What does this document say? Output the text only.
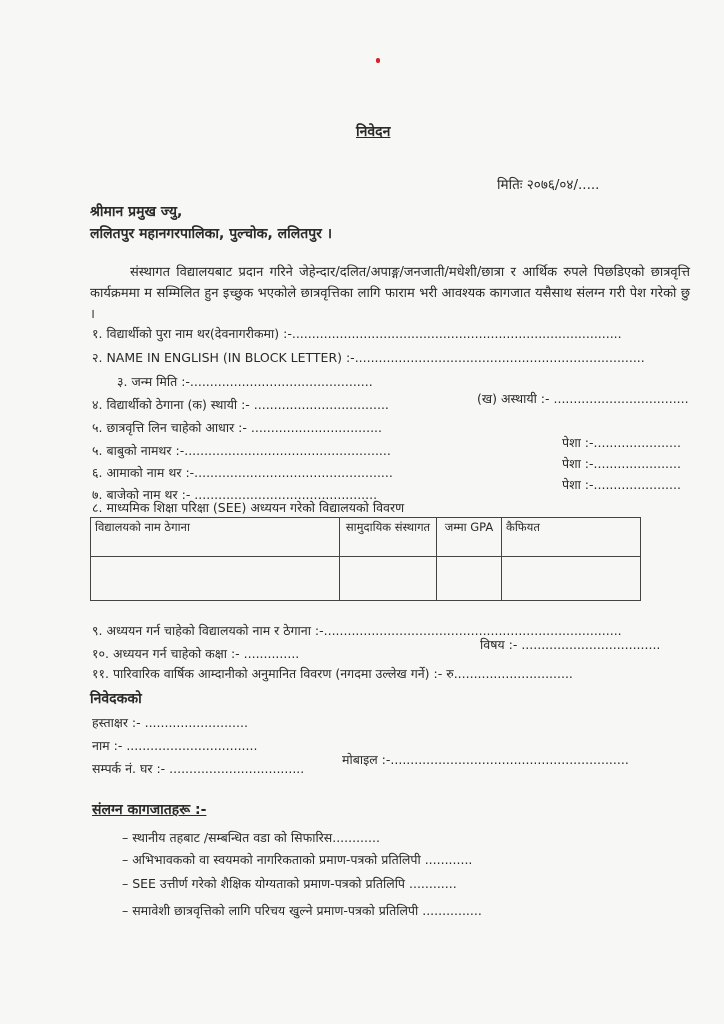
निवेदन
मितिः २०७६/०४/.....
श्रीमान प्रमुख ज्यु,
ललितपुर महानगरपालिका, पुल्चोक, ललितपुर ।
संस्थागत विद्यालयबाट प्रदान गरिने जेहेन्दार/दलित/अपाङ्ग/जनजाती/मधेशी/छात्रा र आर्थिक रुपले पिछडिएको छात्रवृत्ति कार्यक्रममा म सम्मिलित हुन इच्छुक भएकोले छात्रवृत्तिका लागि फाराम भरी आवश्यक कागजात यसैसाथ संलग्न गरी पेश गरेको छु ।
१. विद्यार्थीको पुरा नाम थर(देवनागरीकमा) :-...................................................................................
२. NAME IN ENGLISH (IN BLOCK LETTER) :-.........................................................................
३. जन्म मिति :-..............................................
४. विद्यार्थीको ठेगाना (क) स्थायी :- ..................................	(ख) अस्थायी :- ..................................
५. छात्रवृत्ति लिन चाहेको आधार :- .................................
५. बाबुको नामथर :-....................................................
पेशा :-......................
६. आमाको नाम थर :-..................................................
पेशा :-......................
७. बाजेको नाम थर :- ..............................................
पेशा :-......................
८. माध्यमिक शिक्षा परिक्षा (SEE) अध्ययन गरेको विद्यालयको विवरण
विद्यालयको नाम ठेगाना	सामुदायिक संस्थागत	जम्मा GPA	कैफियत

९. अध्ययन गर्न चाहेको विद्यालयको नाम र ठेगाना :-...........................................................................
१०. अध्ययन गर्न चाहेको कक्षा :- ..............
विषय :- ...................................
११. पारिवारिक वार्षिक आम्दानीको अनुमानित विवरण (नगदमा उल्लेख गर्ने) :- रु..............................
निवेदकको
हस्ताक्षर :- ..........................
नाम :- .................................
सम्पर्क नं. घर :- ..................................
मोबाइल :-............................................................
संलग्न कागजातहरू :-
– स्थानीय तहबाट /सम्बन्धित वडा को सिफारिस............
– अभिभावकको वा स्वयमको नागरिकताको प्रमाण-पत्रको प्रतिलिपी ............
– SEE उत्तीर्ण गरेको शैक्षिक योग्यताको प्रमाण-पत्रको प्रतिलिपि ............
– समावेशी छात्रवृत्तिको लागि परिचय खुल्ने प्रमाण-पत्रको प्रतिलिपी ...............
